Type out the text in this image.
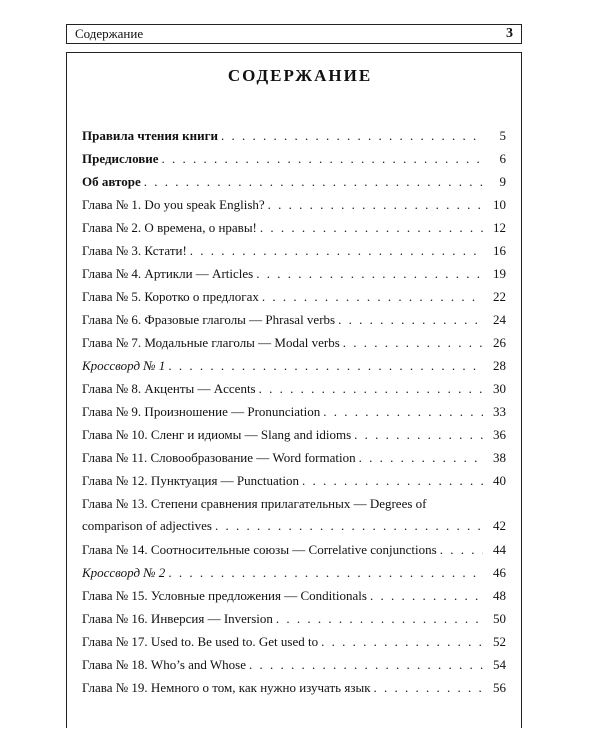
Содержание	3
СОДЕРЖАНИЕ
Правила чтения книги . . .	5
Предисловие . . .	6
Об авторе . . .	9
Глава № 1. Do you speak English? . . .	10
Глава № 2. О времена, о нравы! . . .	12
Глава № 3. Кстати! . . .	16
Глава № 4. Артикли — Articles . . .	19
Глава № 5. Коротко о предлогах . . .	22
Глава № 6. Фразовые глаголы — Phrasal verbs . . .	24
Глава № 7. Модальные глаголы — Modal verbs . . .	26
Кроссворд № 1 . . .	28
Глава № 8. Акценты — Accents . . .	30
Глава № 9. Произношение — Pronunciation . . .	33
Глава № 10. Сленг и идиомы — Slang and idioms . . .	36
Глава № 11. Словообразование — Word formation . . .	38
Глава № 12. Пунктуация — Punctuation . . .	40
Глава № 13. Степени сравнения прилагательных — Degrees of
comparison of adjectives . . .	42
Глава № 14. Соотносительные союзы — Correlative conjunctions . . .	44
Кроссворд № 2 . . .	46
Глава № 15. Условные предложения — Conditionals . . .	48
Глава № 16. Инверсия — Inversion . . .	50
Глава № 17. Used to. Be used to. Get used to . . .	52
Глава № 18. Who’s and Whose . . .	54
Глава № 19. Немного о том, как нужно изучать язык . . .	56
